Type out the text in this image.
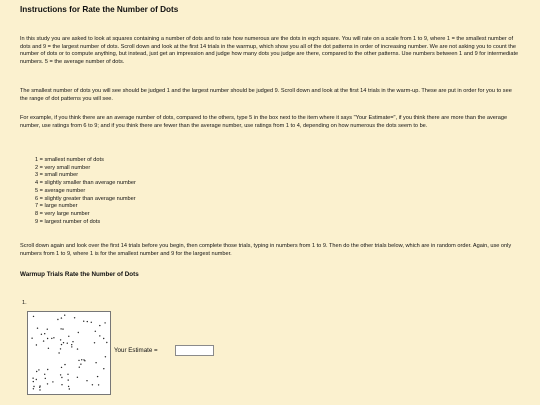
Instructions for Rate the Number of Dots

In this study you are asked to look at squares containing a number of dots and to rate how numerous are the dots in eqch square. You will rate on a scale from 1 to 9, where 1 = the smallest number of dots and 9 = the largest number of dots. Scroll down and look at the first 14 trials in the warmup, which show you all of the dot patterns in order of increasing number. We are not asking you to count the number of dots or to compute anything, but instead, just get an impression and judge how many dots you judge are there, compared to the other patterns. Use numbers between 1 and 9 for intermediate numbers. 5 = the average number of dots.

The smallest number of dots you will see should be judged 1 and the largest number should be judged 9. Scroll down and look at the first 14 trials in the warm-up. These are put in order for you to see the range of dot patterns you will see.

For example, if you think there are an average number of dots, compared to the others, type 5 in the box next to the item where it says "Your Estimate=", if you think there are more than the average number, use ratings from 6 to 9; and if you think there are fewer than the average number, use ratings from 1 to 4, depending on how numerous the dots seem to be.

1 = smallest number of dots
2 = very small number
3 = small number
4 = slightly smaller than average number
5 = average number
6 = slightly greater than average number
7 = large number
8 = very large number
9 = largest number of dots

Scroll down again and look over the first 14 trials before you begin, then complete those trials, typing in numbers from 1 to 9. Then do the other trials below, which are in random order. Again, use only numbers from 1 to 9, where 1 is for the smallest number and 9 for the largest number.

Warmup Trials Rate the Number of Dots
1.
Your Estimate =
